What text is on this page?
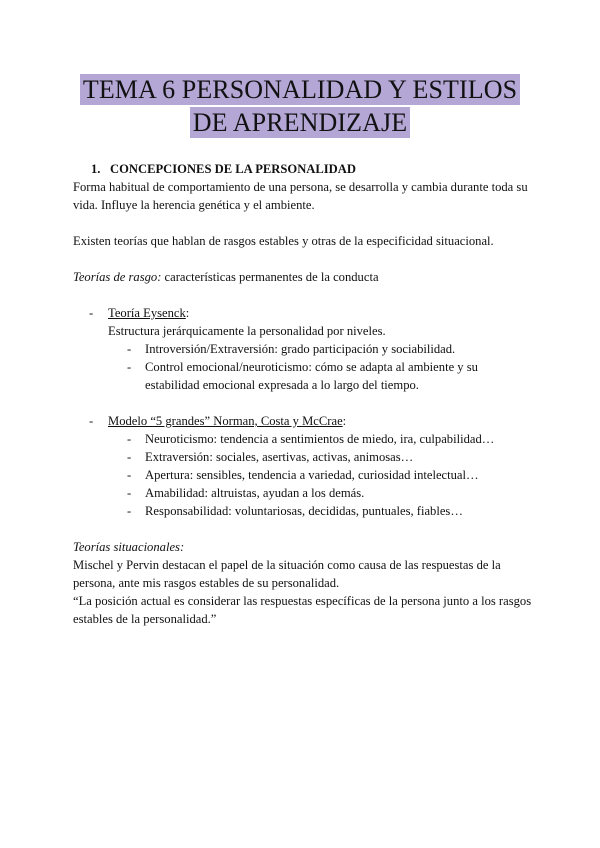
TEMA 6 PERSONALIDAD Y ESTILOS
DE APRENDIZAJE

1. CONCEPCIONES DE LA PERSONALIDAD

Forma habitual de comportamiento de una persona, se desarrolla y cambia durante toda su vida. Influye la herencia genética y el ambiente.

Existen teorías que hablan de rasgos estables y otras de la especificidad situacional.

Teorías de rasgo: características permanentes de la conducta

- Teoría Eysenck:

Estructura jerárquicamente la personalidad por niveles.

- Introversión/Extraversión: grado participación y sociabilidad.
- Control emocional/neuroticismo: cómo se adapta al ambiente y su estabilidad emocional expresada a lo largo del tiempo.
- Modelo “5 grandes” Norman, Costa y McCrae:
- Neuroticismo: tendencia a sentimientos de miedo, ira, culpabilidad…
- Extraversión: sociales, asertivas, activas, animosas…
- Apertura: sensibles, tendencia a variedad, curiosidad intelectual…
- Amabilidad: altruistas, ayudan a los demás.
- Responsabilidad: voluntariosas, decididas, puntuales, fiables…

Teorías situacionales:

Mischel y Pervin destacan el papel de la situación como causa de las respuestas de la persona, ante mis rasgos estables de su personalidad.

“La posición actual es considerar las respuestas específicas de la persona junto a los rasgos estables de la personalidad.”
